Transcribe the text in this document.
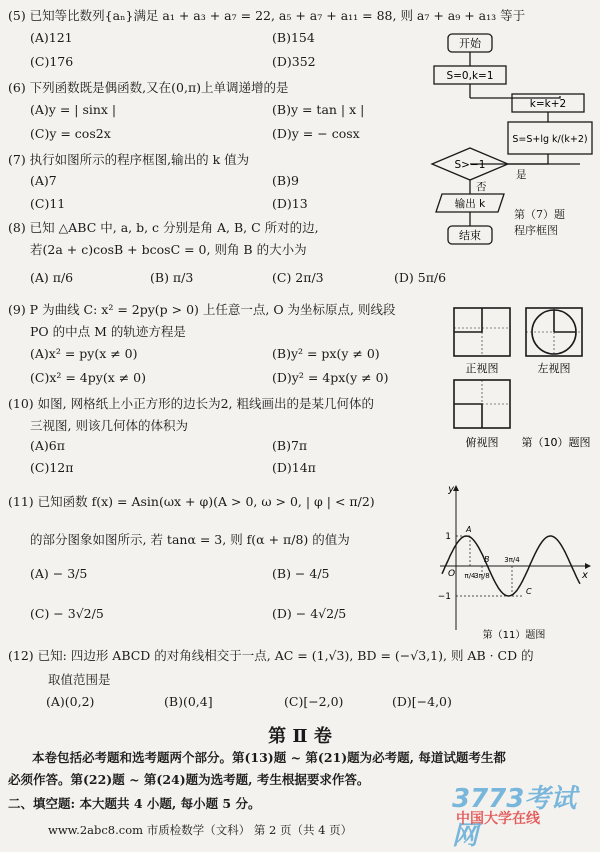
(5) 已知等比数列{aₙ}满足 a₁ + a₃ + a₇ = 22, a₅ + a₇ + a₁₁ = 88, 则 a₇ + a₉ + a₁₃ 等于
(A)121	(B)154
(C)176	(D)352
(6) 下列函数既是偶函数,又在(0,π)上单调递增的是
(A)y = | sinx |	(B)y = tan | x |
(C)y = cos2x	(D)y = − cosx
(7) 执行如图所示的程序框图,输出的 k 值为
(A)7	(B)9
(C)11	(D)13
开始
S=0,k=1
k=k+2
S=S+lg k/(k+2)
S>−1
否
是
输出 k
结束
第（7）题
程序框图
(8) 已知 △ABC 中, a, b, c 分别是角 A, B, C 所对的边,
若(2a + c)cosB + bcosC = 0, 则角 B 的大小为
(A) π/6	(B) π/3	(C) 2π/3	(D) 5π/6
(9) P 为曲线 C: x² = 2py(p > 0) 上任意一点, O 为坐标原点, 则线段
PO 的中点 M 的轨迹方程是
(A)x² = py(x ≠ 0)	(B)y² = px(y ≠ 0)
(C)x² = 4py(x ≠ 0)	(D)y² = 4px(y ≠ 0)
正视图	左视图
俯视图 第（10）题图
(10) 如图, 网格纸上小正方形的边长为2, 粗线画出的是某几何体的
三视图, 则该几何体的体积为
(A)6π	(B)7π
(C)12π	(D)14π
(11) 已知函数 f(x) = Asin(ωx + φ)(A > 0, ω > 0, | φ | < π/2)
的部分图象如图所示, 若 tanα = 3, 则 f(α + π/8) 的值为
(A) − 3/5	(B) − 4/5
(C) − 3√2/5	(D) − 4√2/5
y
x
O
1
−1
π/4
3π/8
3π/4
A
B
C
第（11）题图
(12) 已知: 四边形 ABCD 的对角线相交于一点, AC = (1,√3), BD = (−√3,1), 则 AB · CD 的
取值范围是
(A)(0,2)	(B)(0,4]	(C)[−2,0)	(D)[−4,0)
第 Ⅱ 卷
本卷包括必考题和选考题两个部分。第(13)题 ~ 第(21)题为必考题, 每道试题考生都
必须作答。第(22)题 ~ 第(24)题为选考题, 考生根据要求作答。
二、填空题: 本大题共 4 小题, 每小题 5 分。
www.2abc8.com 市质检数学（文科） 第 2 页（共 4 页）
3773考试网
中国大学在线
